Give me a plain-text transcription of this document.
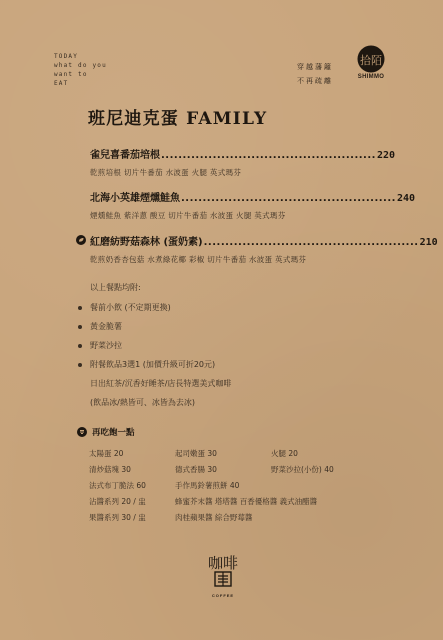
TODAY
what do you
want to
EAT
穿越藩籬
不再疏離
拾陌
SHIMMO
班尼迪克蛋 FAMILY
雀兒喜番茄培根 .................................................. 220
乾煎培根 切片牛番茄 水波蛋 火腿 英式瑪芬
北海小英雄煙燻鮭魚 .................................................. 240
煙燻鮭魚 紫洋蔥 酸豆 切片牛番茄 水波蛋 火腿 英式瑪芬
紅磨紡野菇森林 (蛋奶素) .................................................. 210
乾煎奶香杏包菇 水煮綠花椰 彩椒 切片牛番茄 水波蛋 英式瑪芬
以上餐點均附:
餐前小飲 (不定期更換)
黃金脆薯
野菜沙拉
附餐飲品3選1 (加價升級可折20元)
日出紅茶/沉香好睡茶/店長特選美式咖啡
(飲品冰/熱皆可、冰皆為去冰)
再吃飽一點
太陽蛋 20	起司嫩蛋 30	火腿 20
清炒菇塊 30	德式香腸 30	野菜沙拉(小份) 40
法式布丁脆法 60	手作馬鈴薯煎餅 40
沾醬系列 20 / 盅	蜂蜜芥末醬 塔塔醬 百香優格醬 義式油醋醬
果醬系列 30 / 盅	肉桂蘋果醬 綜合野莓醬
咖啡
COFFEE
